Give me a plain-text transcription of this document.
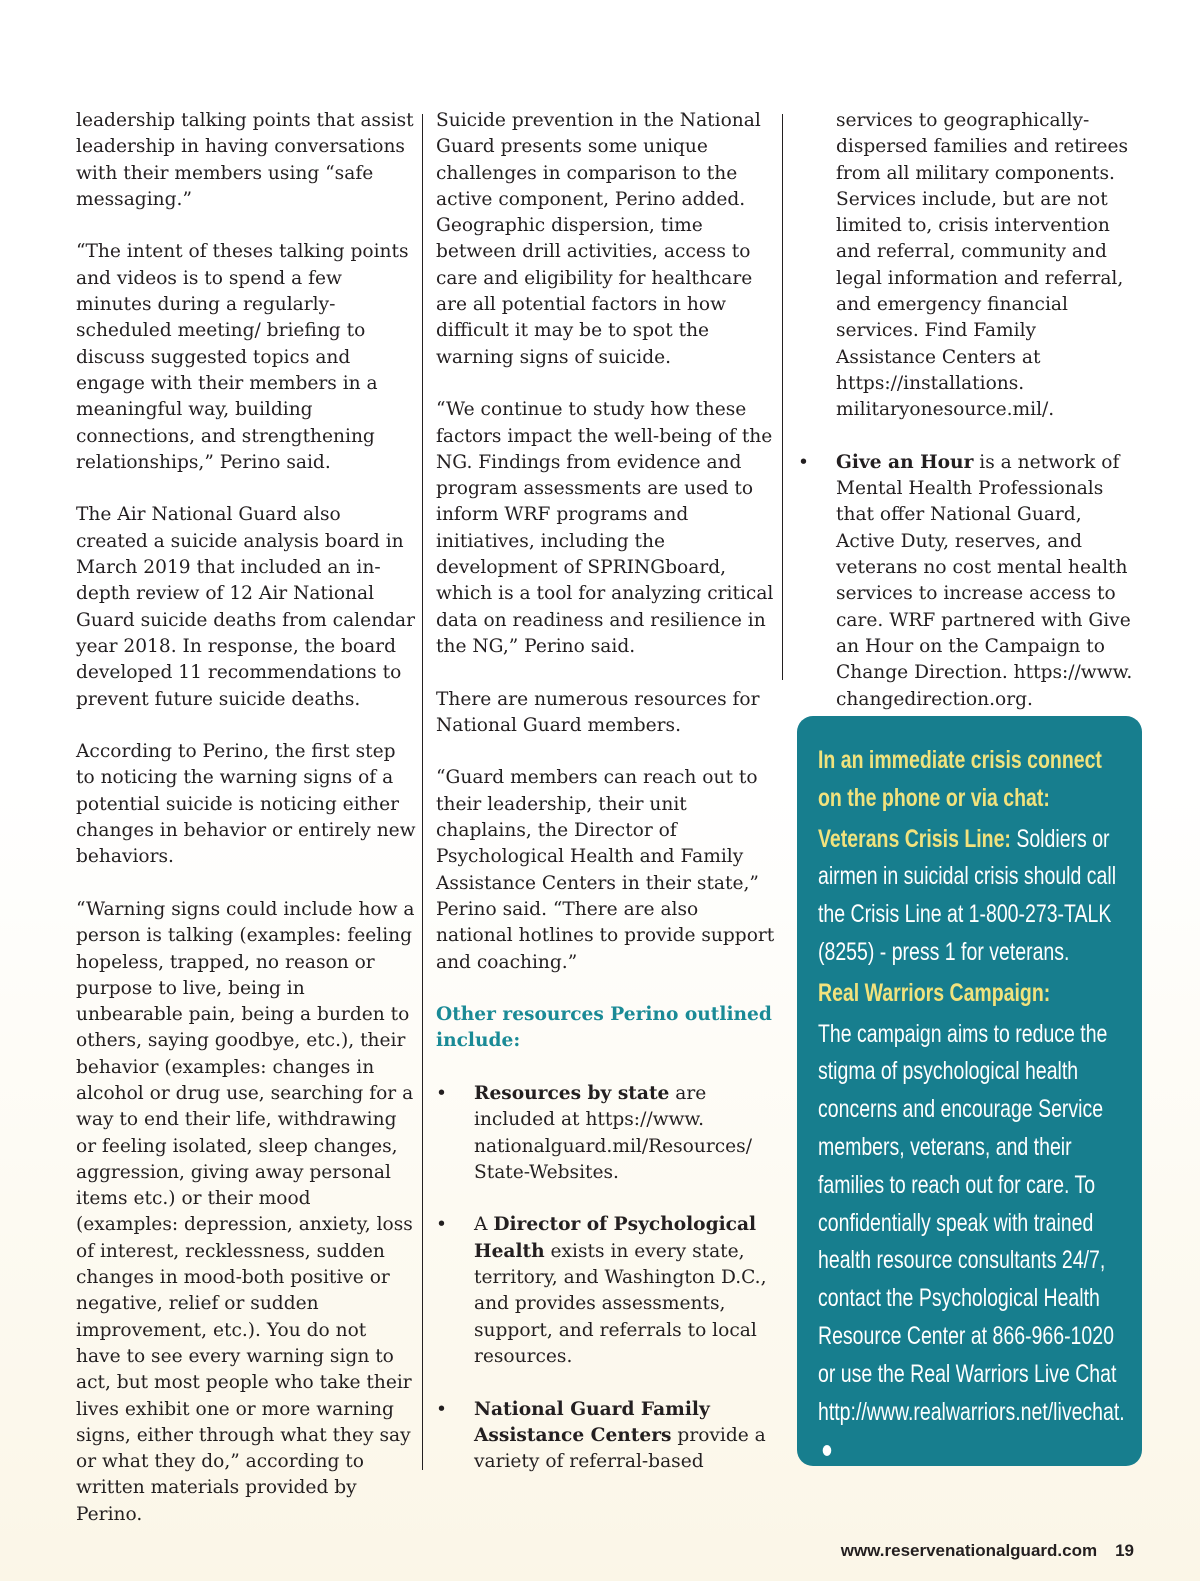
leadership talking points that assist leadership in having conversations with their members using “safe messaging.”

“The intent of theses talking points and videos is to spend a few minutes during a regularly-scheduled meeting/ briefing to discuss suggested topics and engage with their members in a meaningful way, building connections, and strengthening relationships,” Perino said.

The Air National Guard also created a suicide analysis board in March 2019 that included an in-depth review of 12 Air National Guard suicide deaths from calendar year 2018. In response, the board developed 11 recommendations to prevent future suicide deaths.

According to Perino, the first step to noticing the warning signs of a potential suicide is noticing either changes in behavior or entirely new behaviors.

“Warning signs could include how a person is talking (examples: feeling hopeless, trapped, no reason or purpose to live, being in unbearable pain, being a burden to others, saying goodbye, etc.), their behavior (examples: changes in alcohol or drug use, searching for a way to end their life, withdrawing or feeling isolated, sleep changes, aggression, giving away personal items etc.) or their mood (examples: depression, anxiety, loss of interest, recklessness, sudden changes in mood-both positive or negative, relief or sudden improvement, etc.). You do not have to see every warning sign to act, but most people who take their lives exhibit one or more warning signs, either through what they say or what they do,” according to written materials provided by Perino.

Suicide prevention in the National Guard presents some unique challenges in comparison to the active component, Perino added. Geographic dispersion, time between drill activities, access to care and eligibility for healthcare are all potential factors in how difficult it may be to spot the warning signs of suicide.

“We continue to study how these factors impact the well-being of the NG. Findings from evidence and program assessments are used to inform WRF programs and initiatives, including the development of SPRINGboard, which is a tool for analyzing critical data on readiness and resilience in the NG,” Perino said.

There are numerous resources for National Guard members.

“Guard members can reach out to their leadership, their unit chaplains, the Director of Psychological Health and Family Assistance Centers in their state,” Perino said. “There are also national hotlines to provide support and coaching.”

Other resources Perino outlined include:
• Resources by state are included at https://www. nationalguard.mil/Resources/ State-Websites.
• A Director of Psychological Health exists in every state, territory, and Washington D.C., and provides assessments, support, and referrals to local resources.
• National Guard Family Assistance Centers provide a variety of referral-based
services to geographically-dispersed families and retirees from all military components. Services include, but are not limited to, crisis intervention and referral, community and legal information and referral, and emergency financial services. Find Family Assistance Centers at https://installations. militaryonesource.mil/.
• Give an Hour is a network of Mental Health Professionals that offer National Guard, Active Duty, reserves, and veterans no cost mental health services to increase access to care. WRF partnered with Give an Hour on the Campaign to Change Direction. https://www. changedirection.org.
In an immediate crisis connect on the phone or via chat:
Veterans Crisis Line: Soldiers or airmen in suicidal crisis should call the Crisis Line at 1-800-273-TALK (8255) - press 1 for veterans.
Real Warriors Campaign:
The campaign aims to reduce the stigma of psychological health concerns and encourage Service members, veterans, and their families to reach out for care. To confidentially speak with trained health resource consultants 24/7, contact the Psychological Health Resource Center at 866-966-1020 or use the Real Warriors Live Chat http://www.realwarriors.net/livechat.
www.reservenationalguard.com 19
